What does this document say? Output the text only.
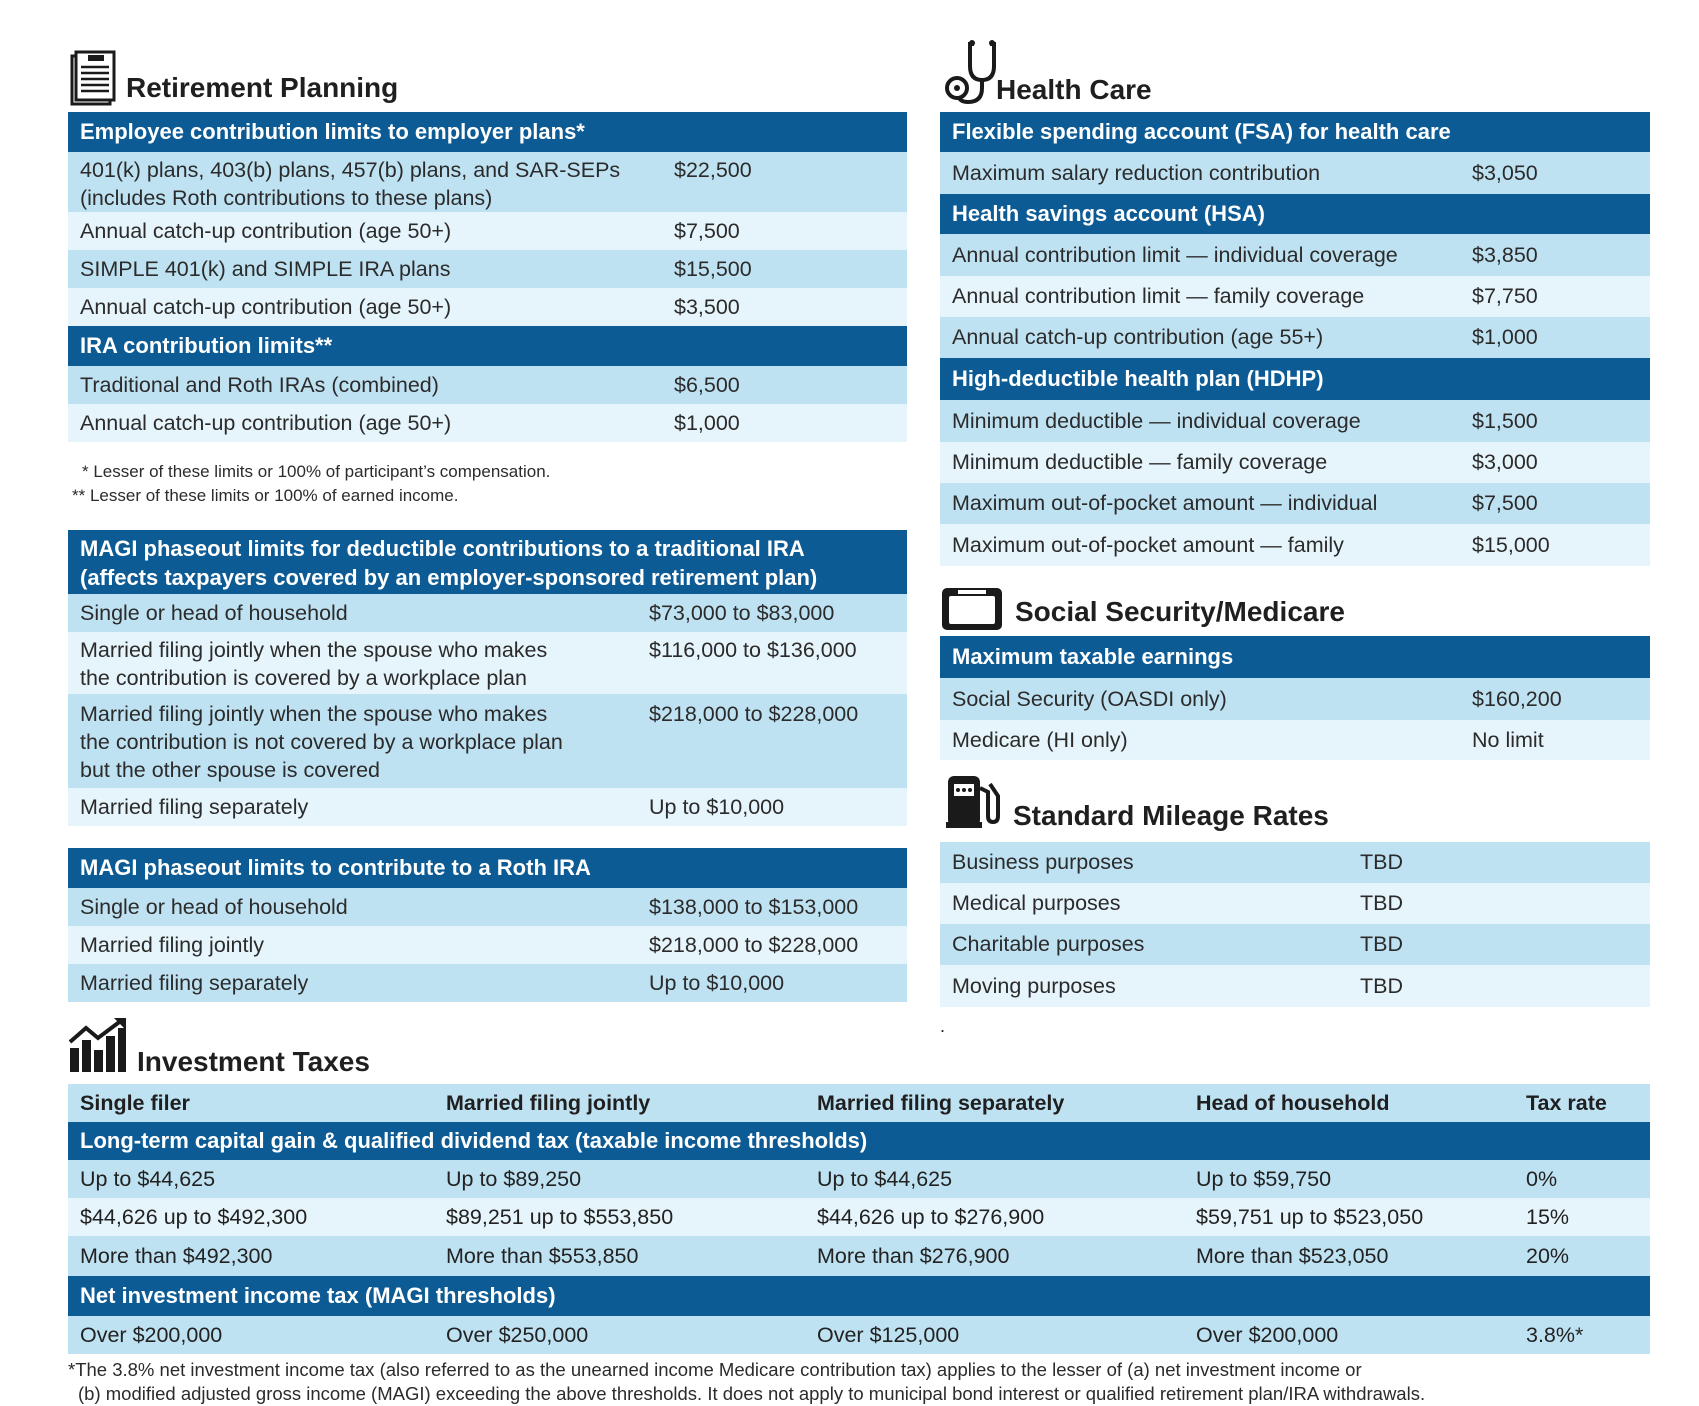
Retirement Planning
Employee contribution limits to employer plans*
401(k) plans, 403(b) plans, 457(b) plans, and SAR-SEPs
(includes Roth contributions to these plans)
$22,500
Annual catch-up contribution (age 50+)	$7,500
SIMPLE 401(k) and SIMPLE IRA plans	$15,500
Annual catch-up contribution (age 50+)	$3,500
IRA contribution limits**
Traditional and Roth IRAs (combined)	$6,500
Annual catch-up contribution (age 50+)	$1,000
* Lesser of these limits or 100% of participant’s compensation.
** Lesser of these limits or 100% of earned income.
MAGI phaseout limits for deductible contributions to a traditional IRA
(affects taxpayers covered by an employer-sponsored retirement plan)
Single or head of household	$73,000 to $83,000
Married filing jointly when the spouse who makes
the contribution is covered by a workplace plan
$116,000 to $136,000
Married filing jointly when the spouse who makes
the contribution is not covered by a workplace plan
but the other spouse is covered
$218,000 to $228,000
Married filing separately	Up to $10,000
MAGI phaseout limits to contribute to a Roth IRA
Single or head of household	$138,000 to $153,000
Married filing jointly	$218,000 to $228,000
Married filing separately	Up to $10,000
Health Care
Flexible spending account (FSA) for health care
Maximum salary reduction contribution	$3,050
Health savings account (HSA)
Annual contribution limit — individual coverage	$3,850
Annual contribution limit — family coverage	$7,750
Annual catch-up contribution (age 55+)	$1,000
High-deductible health plan (HDHP)
Minimum deductible — individual coverage	$1,500
Minimum deductible — family coverage	$3,000
Maximum out-of-pocket amount — individual	$7,500
Maximum out-of-pocket amount — family	$15,000
Social Security/Medicare
Maximum taxable earnings
Social Security (OASDI only)	$160,200
Medicare (HI only)	No limit
Standard Mileage Rates
Business purposes	TBD
Medical purposes	TBD
Charitable purposes	TBD
Moving purposes	TBD
.
Investment Taxes
Single filer	Married filing jointly	Married filing separately	Head of household	Tax rate
Long-term capital gain & qualified dividend tax (taxable income thresholds)
Up to $44,625	Up to $89,250	Up to $44,625	Up to $59,750	0%
$44,626 up to $492,300	$89,251 up to $553,850	$44,626 up to $276,900	$59,751 up to $523,050	15%
More than $492,300	More than $553,850	More than $276,900	More than $523,050	20%
Net investment income tax (MAGI thresholds)
Over $200,000	Over $250,000	Over $125,000	Over $200,000	3.8%*
*The 3.8% net investment income tax (also referred to as the unearned income Medicare contribution tax) applies to the lesser of (a) net investment income or
(b) modified adjusted gross income (MAGI) exceeding the above thresholds. It does not apply to municipal bond interest or qualified retirement plan/IRA withdrawals.
